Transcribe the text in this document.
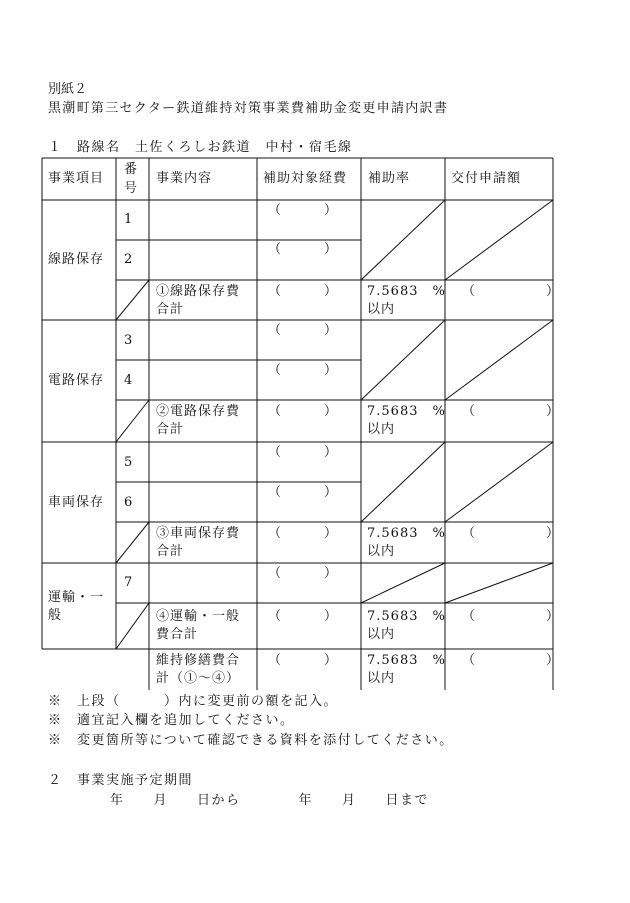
別紙２
黒潮町第三セクター鉄道維持対策事業費補助金変更申請内訳書
１　路線名　土佐くろしお鉄道　中村・宿毛線
事業項目
番
号
事業内容	補助対象経費 補助率	交付申請額
線路保存
1
（　　　）
2
（　　　）
①線路保存費
合計
（　　　） 7.5683　%
以内
（　　　　　）
電路保存
3
（　　　）
4
（　　　）
②電路保存費
合計
（　　　） 7.5683　%
以内
（　　　　　）
車両保存
5
（　　　）
6
（　　　）
③車両保存費
合計
（　　　） 7.5683　%
以内
（　　　　　）
運輸・一
般
7
（　　　）
④運輸・一般
費合計
（　　　） 7.5683　%
以内
（　　　　　）
維持修繕費合
計（①～④）
（　　　） 7.5683　%
以内
（　　　　　）
※　上段（　　　）内に変更前の額を記入。
※　適宜記入欄を追加してください。
※　変更箇所等について確認できる資料を添付してください。
２　事業実施予定期間
年　　月　　日から　　　　年　　月　　日まで
